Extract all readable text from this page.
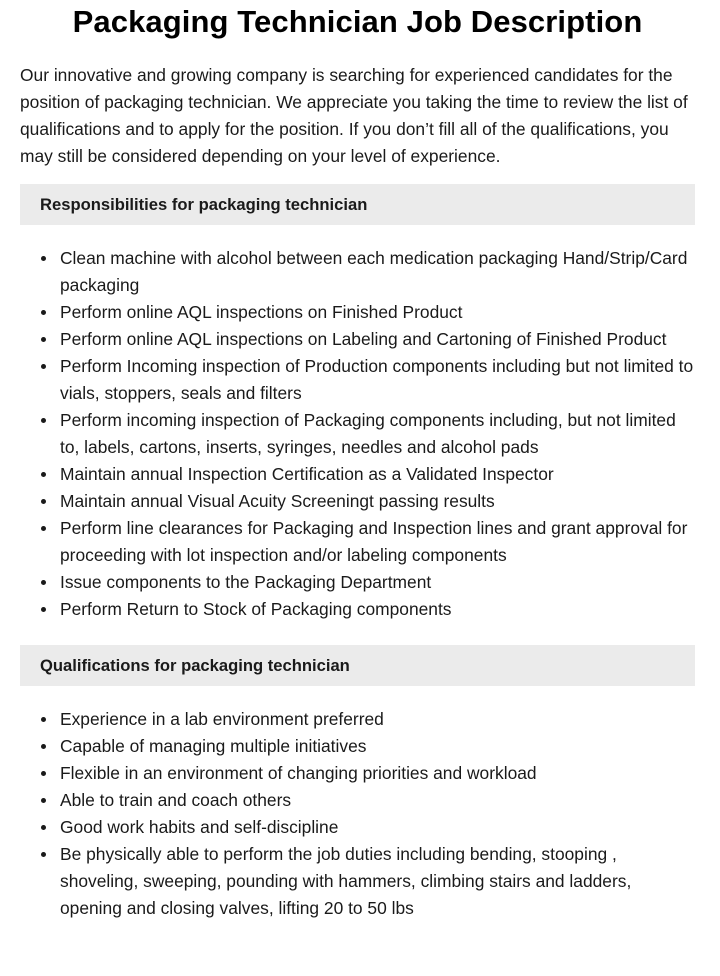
Packaging Technician Job Description

Our innovative and growing company is searching for experienced candidates for the position of packaging technician. We appreciate you taking the time to review the list of qualifications and to apply for the position. If you don’t fill all of the qualifications, you may still be considered depending on your level of experience.

Responsibilities for packaging technician
Clean machine with alcohol between each medication packaging Hand/Strip/Card packaging
Perform online AQL inspections on Finished Product
Perform online AQL inspections on Labeling and Cartoning of Finished Product
Perform Incoming inspection of Production components including but not limited to vials, stoppers, seals and filters
Perform incoming inspection of Packaging components including, but not limited to, labels, cartons, inserts, syringes, needles and alcohol pads
Maintain annual Inspection Certification as a Validated Inspector
Maintain annual Visual Acuity Screeningt passing results
Perform line clearances for Packaging and Inspection lines and grant approval for proceeding with lot inspection and/or labeling components
Issue components to the Packaging Department
Perform Return to Stock of Packaging components
Qualifications for packaging technician
Experience in a lab environment preferred
Capable of managing multiple initiatives
Flexible in an environment of changing priorities and workload
Able to train and coach others
Good work habits and self-discipline
Be physically able to perform the job duties including bending, stooping , shoveling, sweeping, pounding with hammers, climbing stairs and ladders, opening and closing valves, lifting 20 to 50 lbs
